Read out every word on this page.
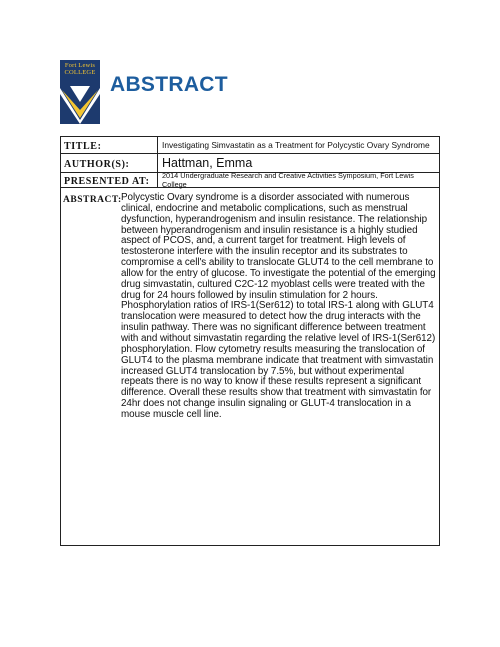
Fort Lewis
COLLEGE
ABSTRACT
TITLE:	Investigating Simvastatin as a Treatment for Polycystic Ovary Syndrome
AUTHOR(S):	Hattman, Emma
PRESENTED AT:
2014 Undergraduate Research and Creative Activities Symposium, Fort Lewis College
ABSTRACT: Polycystic Ovary syndrome is a disorder associated with numerous clinical, endocrine and metabolic complications, such as menstrual dysfunction, hyperandrogenism and insulin resistance. The relationship between hyperandrogenism and insulin resistance is a highly studied aspect of PCOS, and, a current target for treatment. High levels of testosterone interfere with the insulin receptor and its substrates to compromise a cell's ability to translocate GLUT4 to the cell membrane to allow for the entry of glucose. To investigate the potential of the emerging drug simvastatin, cultured C2C-12 myoblast cells were treated with the drug for 24 hours followed by insulin stimulation for 2 hours. Phosphorylation ratios of IRS-1(Ser612) to total IRS-1 along with GLUT4 translocation were measured to detect how the drug interacts with the insulin pathway. There was no significant difference between treatment with and without simvastatin regarding the relative level of IRS-1(Ser612) phosphorylation. Flow cytometry results measuring the translocation of GLUT4 to the plasma membrane indicate that treatment with simvastatin increased GLUT4 translocation by 7.5%, but without experimental repeats there is no way to know if these results represent a significant difference. Overall these results show that treatment with simvastatin for 24hr does not change insulin signaling or GLUT-4 translocation in a mouse muscle cell line.
